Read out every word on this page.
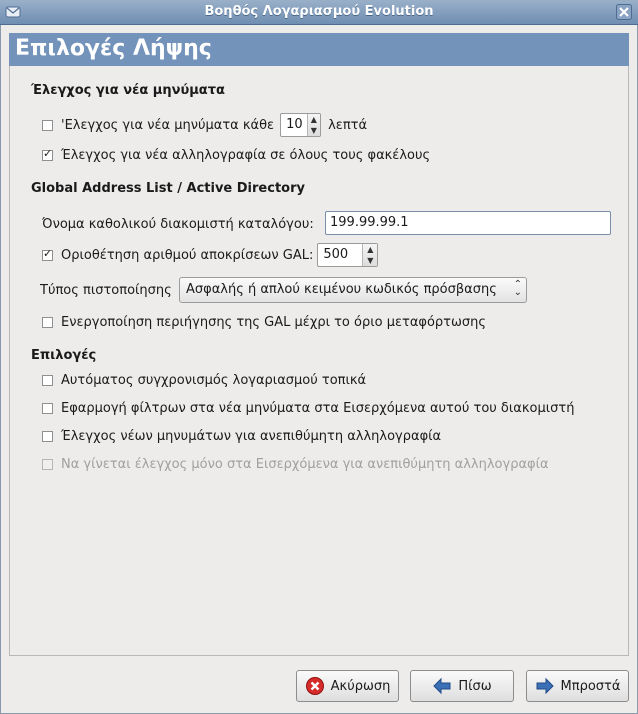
Βοηθός Λογαριασμού Evolution
Επιλογές Λήψης
Έλεγχος για νέα μηνύματα
'Ελεγχος για νέα μηνύματα κάθε 10	▲
▼ λεπτά
✓
Έλεγχος για νέα αλληλογραφία σε όλους τους φακέλους
Global Address List / Active Directory
Όνομα καθολικού διακομιστή καταλόγου:	199.99.99.1
✓
Οριοθέτηση αριθμού αποκρίσεων GAL: 500	▲
▼
Τύπος πιστοποίησης	Ασφαλής ή απλού κειμένου κωδικός πρόσβασης ⌃
⌄
Ενεργοποίηση περιήγησης της GAL μέχρι το όριο μεταφόρτωσης
Επιλογές
Αυτόματος συγχρονισμός λογαριασμού τοπικά
Εφαρμογή φίλτρων στα νέα μηνύματα στα Εισερχόμενα αυτού του διακομιστή
Έλεγχος νέων μηνυμάτων για ανεπιθύμητη αλληλογραφία
Να γίνεται έλεγχος μόνο στα Εισερχόμενα για ανεπιθύμητη αλληλογραφία
Ακύρωση	Πίσω	Μπροστά
